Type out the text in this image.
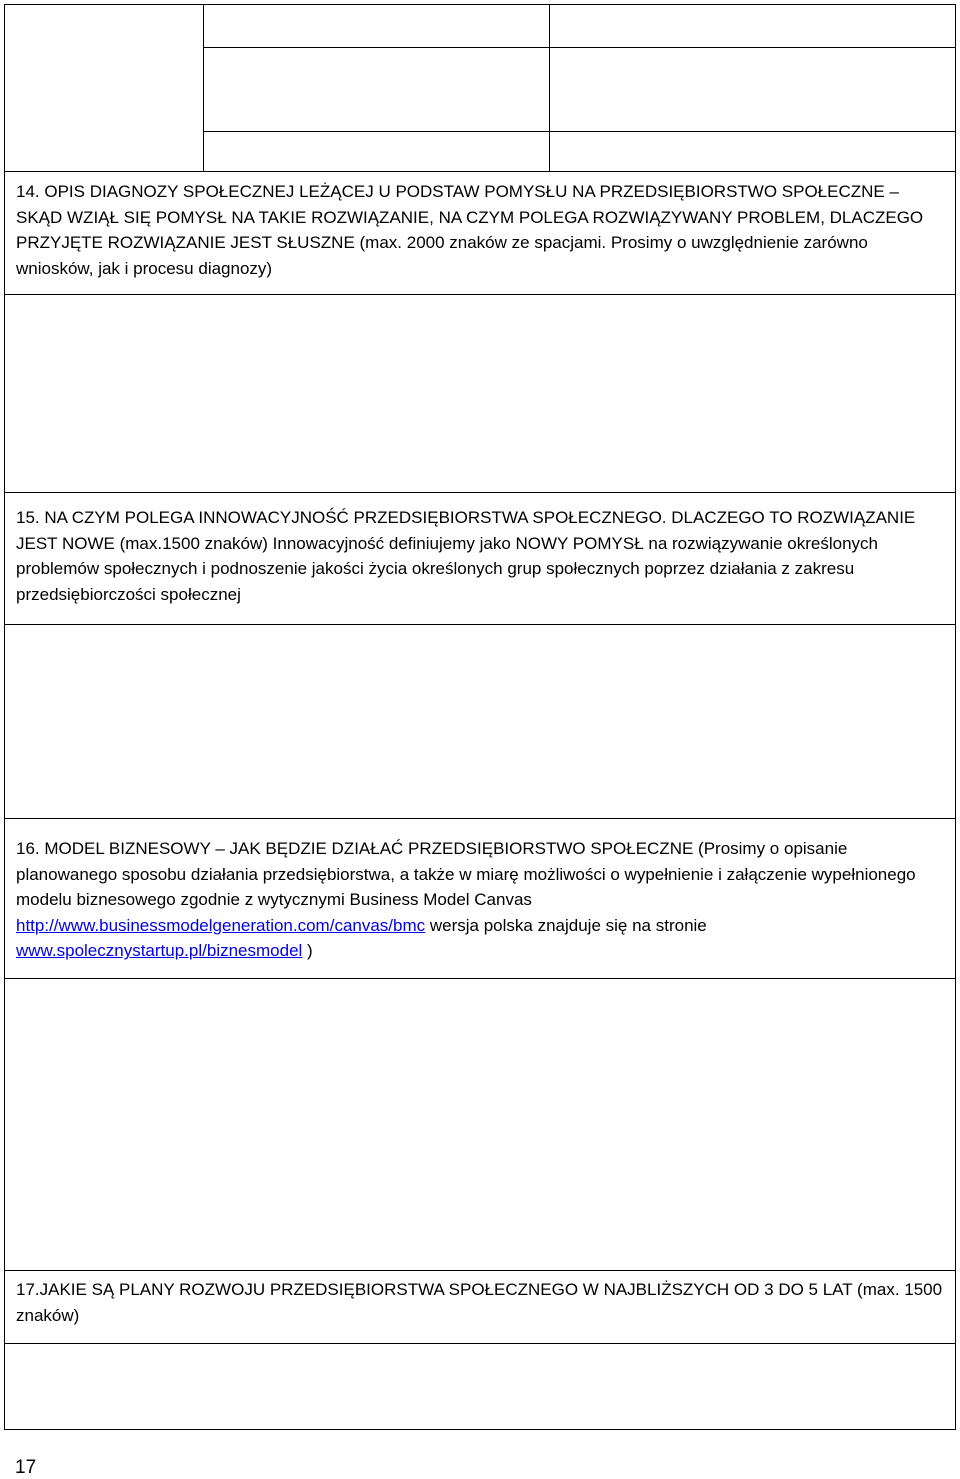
14. OPIS DIAGNOZY SPOŁECZNEJ LEŻĄCEJ U PODSTAW POMYSŁU NA PRZEDSIĘBIORSTWO SPOŁECZNE – SKĄD WZIĄŁ SIĘ POMYSŁ NA TAKIE ROZWIĄZANIE, NA CZYM POLEGA ROZWIĄZYWANY PROBLEM, DLACZEGO PRZYJĘTE ROZWIĄZANIE JEST SŁUSZNE (max. 2000 znaków ze spacjami. Prosimy o uwzględnienie zarówno wniosków, jak i procesu diagnozy)
15. NA CZYM POLEGA INNOWACYJNOŚĆ PRZEDSIĘBIORSTWA SPOŁECZNEGO. DLACZEGO TO ROZWIĄZANIE JEST NOWE (max.1500 znaków) Innowacyjność definiujemy jako NOWY POMYSŁ na rozwiązywanie określonych problemów społecznych i podnoszenie jakości życia określonych grup społecznych poprzez działania z zakresu przedsiębiorczości społecznej
16. MODEL BIZNESOWY – JAK BĘDZIE DZIAŁAĆ PRZEDSIĘBIORSTWO SPOŁECZNE (Prosimy o opisanie planowanego sposobu działania przedsiębiorstwa, a także w miarę możliwości o wypełnienie i załączenie wypełnionego modelu biznesowego zgodnie z wytycznymi Business Model Canvas http://www.businessmodelgeneration.com/canvas/bmc wersja polska znajduje się na stronie www.spolecznystartup.pl/biznesmodel )
17.JAKIE SĄ PLANY ROZWOJU PRZEDSIĘBIORSTWA SPOŁECZNEGO W NAJBLIŻSZYCH OD 3 DO 5 LAT (max. 1500 znaków)
17
